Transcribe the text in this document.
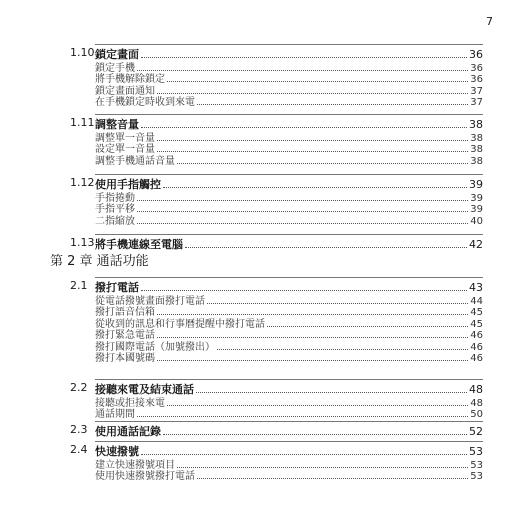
7
第 2 章 通話功能
1.10 鎖定畫面	36
鎖定手機	36
將手機解除鎖定	36
鎖定畫面通知	37
在手機鎖定時收到來電	37
1.11 調整音量	38
調整單一音量	38
設定單一音量	38
調整手機通話音量	38
1.12 使用手指觸控	39
手指捲動	39
手指平移	39
二指縮放	40
1.13 將手機連線至電腦	42
2.1 撥打電話	43
從電話撥號畫面撥打電話	44
撥打語音信箱	45
從收到的訊息和行事曆提醒中撥打電話	45
撥打緊急電話	46
撥打國際電話（加號撥出）	46
撥打本國號碼	46
2.2 接聽來電及結束通話	48
接聽或拒接來電	48
通話期間	50
2.3 使用通話記錄	52
2.4 快速撥號	53
建立快速撥號項目	53
使用快速撥號撥打電話	53
